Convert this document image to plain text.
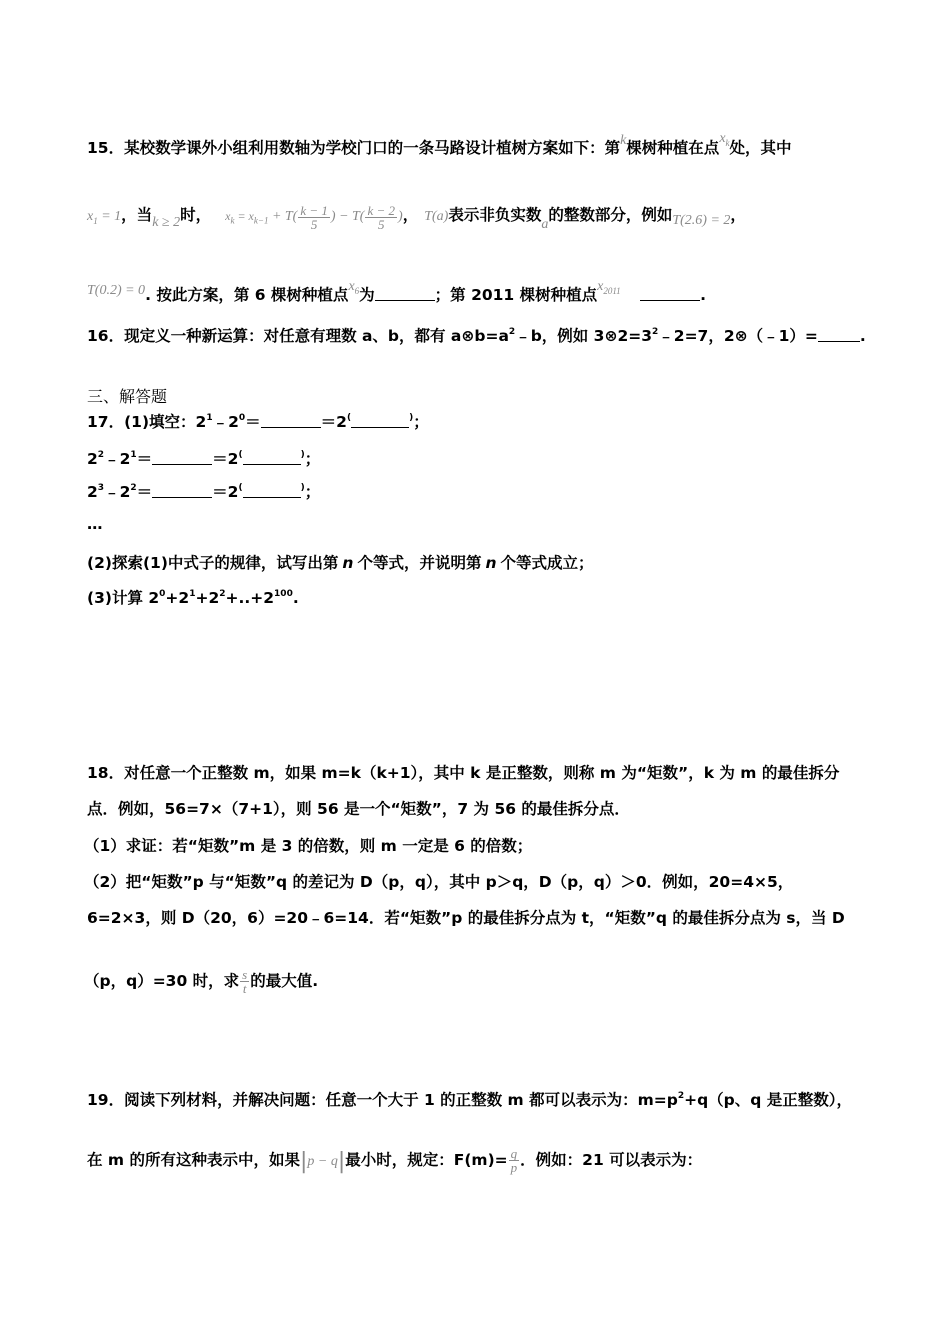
15．某校数学课外小组利用数轴为学校门口的一条马路设计植树方案如下：第k棵树种植在点$x_k$处，其中
$x_1 = 1$，当k ≥ 2时， $x_k = x_{k-1} + T( \frac{k - 1}{5}$ ) − $T( \frac{k - 2}{5}$ )， T(a)表示非负实数a的整数部分，例如T(2.6) = 2，
T(0.2) = 0. 按此方案，第 6 棵树种植点$x_6$为	；第 2011 棵树种植点$x_{2011}$	.
16．现定义一种新运算：对任意有理数 a、b，都有 $a\otimes b=a^2﹣b$，例如 $3\otimes 2=3^2﹣2=7$，2⊗（﹣1）=	.
三、解答题
17．(1)填空：$2^1﹣2^0=$	＝2(	)；
$2^2﹣2^1=$	＝2(	)；
$2^3﹣2^2=$	＝2(	)；
…
(2)探索(1)中式子的规律，试写出第 n 个等式，并说明第 n 个等式成立；
(3)计算 $2^0+2^1+2^2+..+2^{100}$.
18．对任意一个正整数 m，如果 m=k（k+1），其中 k 是正整数，则称 m 为“矩数”，k 为 m 的最佳拆分
点．例如，56=7×（7+1），则 56 是一个“矩数”，7 为 56 的最佳拆分点．
（1）求证：若“矩数”m 是 3 的倍数，则 m 一定是 6 的倍数；
（2）把“矩数”p 与“矩数”q 的差记为 D（p，q），其中 p＞q，D（p，q）＞0．例如，20=4×5，
6=2×3，则 D（20，6）=20﹣6=14．若“矩数”p 的最佳拆分点为 t，“矩数”q 的最佳拆分点为 s，当 D
（p，q）=30 时，求 $\frac{s}{t}$ 的最大值.
19．阅读下列材料，并解决问题：任意一个大于 1 的正整数 m 都可以表示为：$m=p^2+q(p$、q 是正整数），
在 m 的所有这种表示中，如果|p − q|最小时，规定：$F(m)= \frac{q}{p}$ ．例如：21 可以表示为：
